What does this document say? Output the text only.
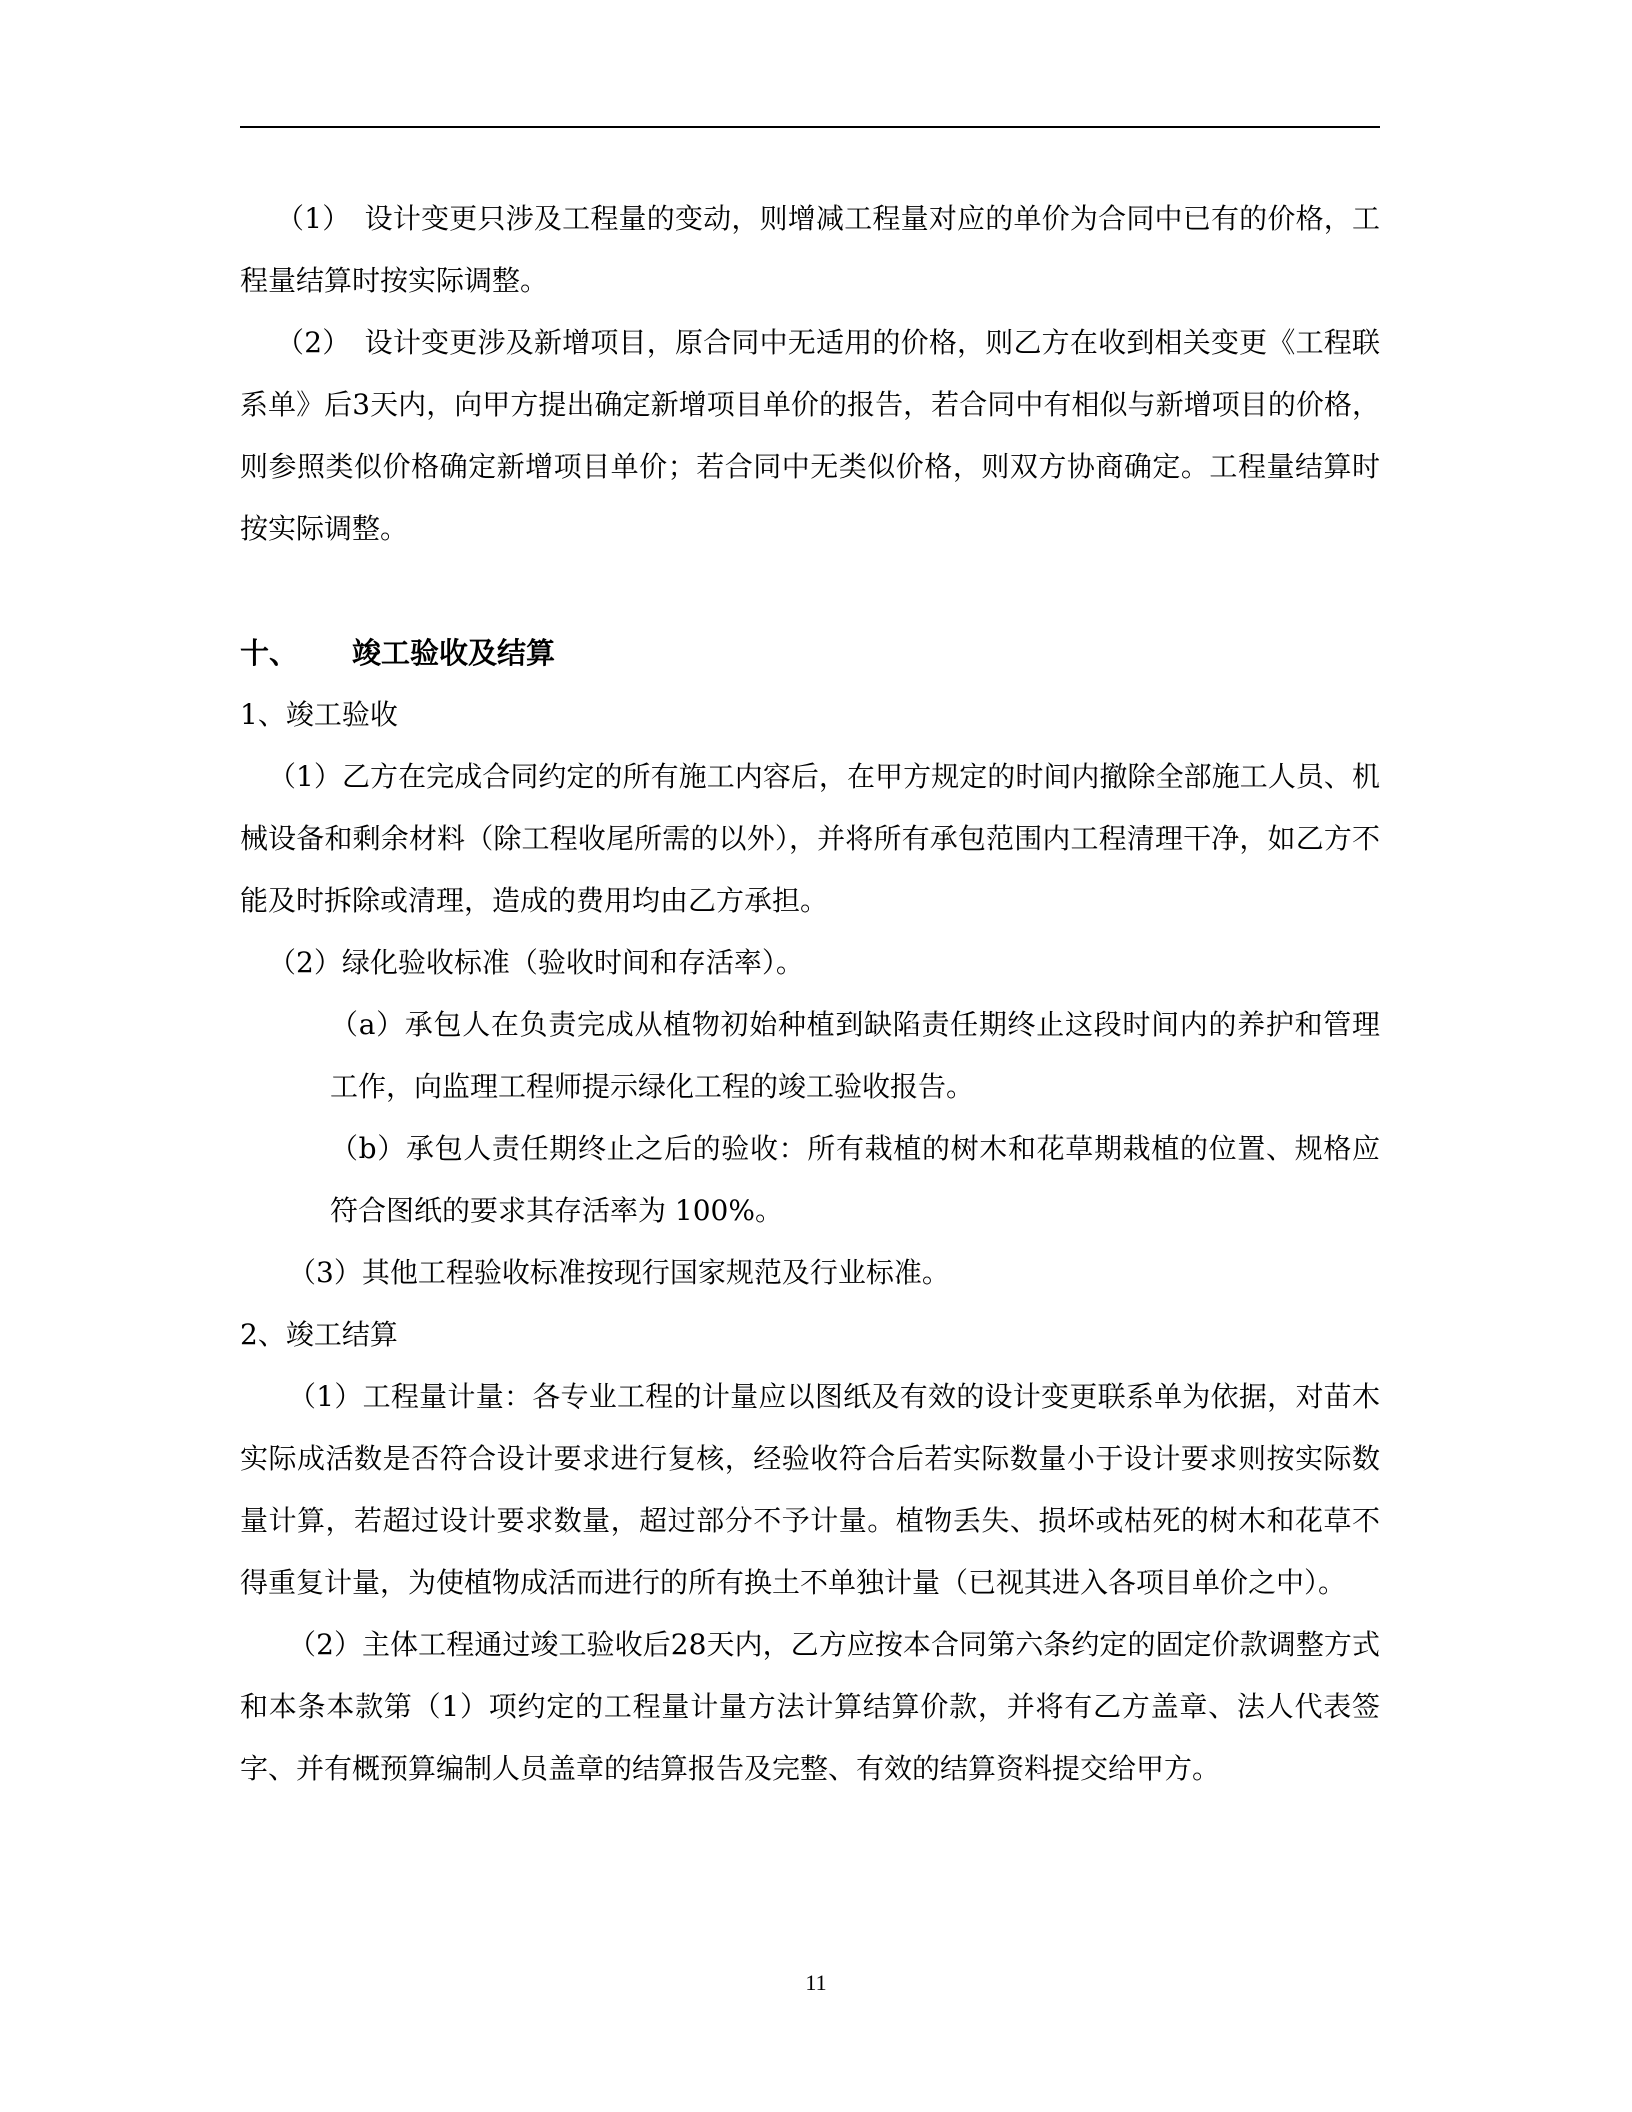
（1）　设计变更只涉及工程量的变动，则增减工程量对应的单价为合同中已有的价格，工程量结算时按实际调整。

（2）　设计变更涉及新增项目，原合同中无适用的价格，则乙方在收到相关变更《工程联系单》后3天内，向甲方提出确定新增项目单价的报告，若合同中有相似与新增项目的价格，则参照类似价格确定新增项目单价；若合同中无类似价格，则双方协商确定。工程量结算时按实际调整。

十、	竣工验收及结算

1、竣工验收

（1）乙方在完成合同约定的所有施工内容后，在甲方规定的时间内撤除全部施工人员、机械设备和剩余材料（除工程收尾所需的以外），并将所有承包范围内工程清理干净，如乙方不能及时拆除或清理，造成的费用均由乙方承担。

（2）绿化验收标准（验收时间和存活率）。

（a）承包人在负责完成从植物初始种植到缺陷责任期终止这段时间内的养护和管理工作，向监理工程师提示绿化工程的竣工验收报告。

（b）承包人责任期终止之后的验收：所有栽植的树木和花草期栽植的位置、规格应符合图纸的要求其存活率为 100%。

（3）其他工程验收标准按现行国家规范及行业标准。

2、竣工结算

（1）工程量计量：各专业工程的计量应以图纸及有效的设计变更联系单为依据，对苗木实际成活数是否符合设计要求进行复核，经验收符合后若实际数量小于设计要求则按实际数量计算，若超过设计要求数量，超过部分不予计量。植物丢失、损坏或枯死的树木和花草不得重复计量，为使植物成活而进行的所有换土不单独计量（已视其进入各项目单价之中）。

（2）主体工程通过竣工验收后28天内，乙方应按本合同第六条约定的固定价款调整方式和本条本款第（1）项约定的工程量计量方法计算结算价款，并将有乙方盖章、法人代表签字、并有概预算编制人员盖章的结算报告及完整、有效的结算资料提交给甲方。

11
